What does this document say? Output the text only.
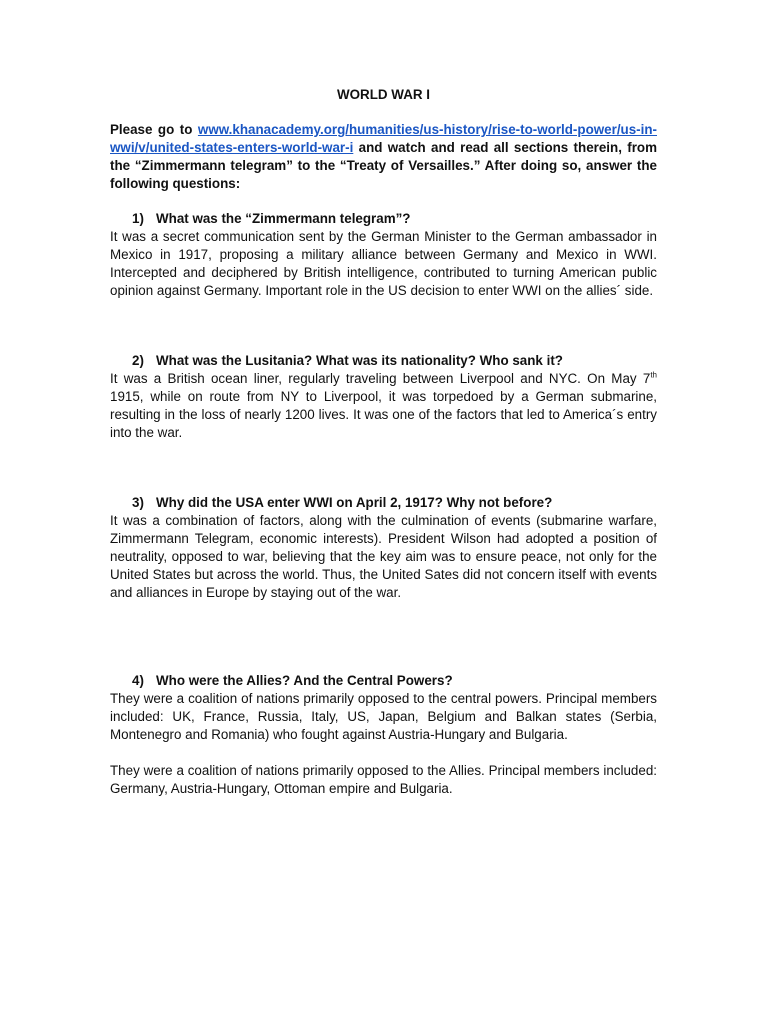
WORLD WAR I
Please go to www.khanacademy.org/humanities/us-history/rise-to-world-power/us-in-wwi/v/united-states-enters-world-war-i and watch and read all sections therein, from the “Zimmermann telegram” to the “Treaty of Versailles.” After doing so, answer the following questions:
1) What was the “Zimmermann telegram”?
It was a secret communication sent by the German Minister to the German ambassador in Mexico in 1917, proposing a military alliance between Germany and Mexico in WWI. Intercepted and deciphered by British intelligence, contributed to turning American public opinion against Germany. Important role in the US decision to enter WWI on the allies´ side.
2) What was the Lusitania? What was its nationality? Who sank it?
It was a British ocean liner, regularly traveling between Liverpool and NYC. On May 7th 1915, while on route from NY to Liverpool, it was torpedoed by a German submarine, resulting in the loss of nearly 1200 lives. It was one of the factors that led to America´s entry into the war.
3) Why did the USA enter WWI on April 2, 1917? Why not before?
It was a combination of factors, along with the culmination of events (submarine warfare, Zimmermann Telegram, economic interests). President Wilson had adopted a position of neutrality, opposed to war, believing that the key aim was to ensure peace, not only for the United States but across the world. Thus, the United Sates did not concern itself with events and alliances in Europe by staying out of the war.
4) Who were the Allies? And the Central Powers?
They were a coalition of nations primarily opposed to the central powers. Principal members included: UK, France, Russia, Italy, US, Japan, Belgium and Balkan states (Serbia, Montenegro and Romania) who fought against Austria-Hungary and Bulgaria.
They were a coalition of nations primarily opposed to the Allies. Principal members included: Germany, Austria-Hungary, Ottoman empire and Bulgaria.
